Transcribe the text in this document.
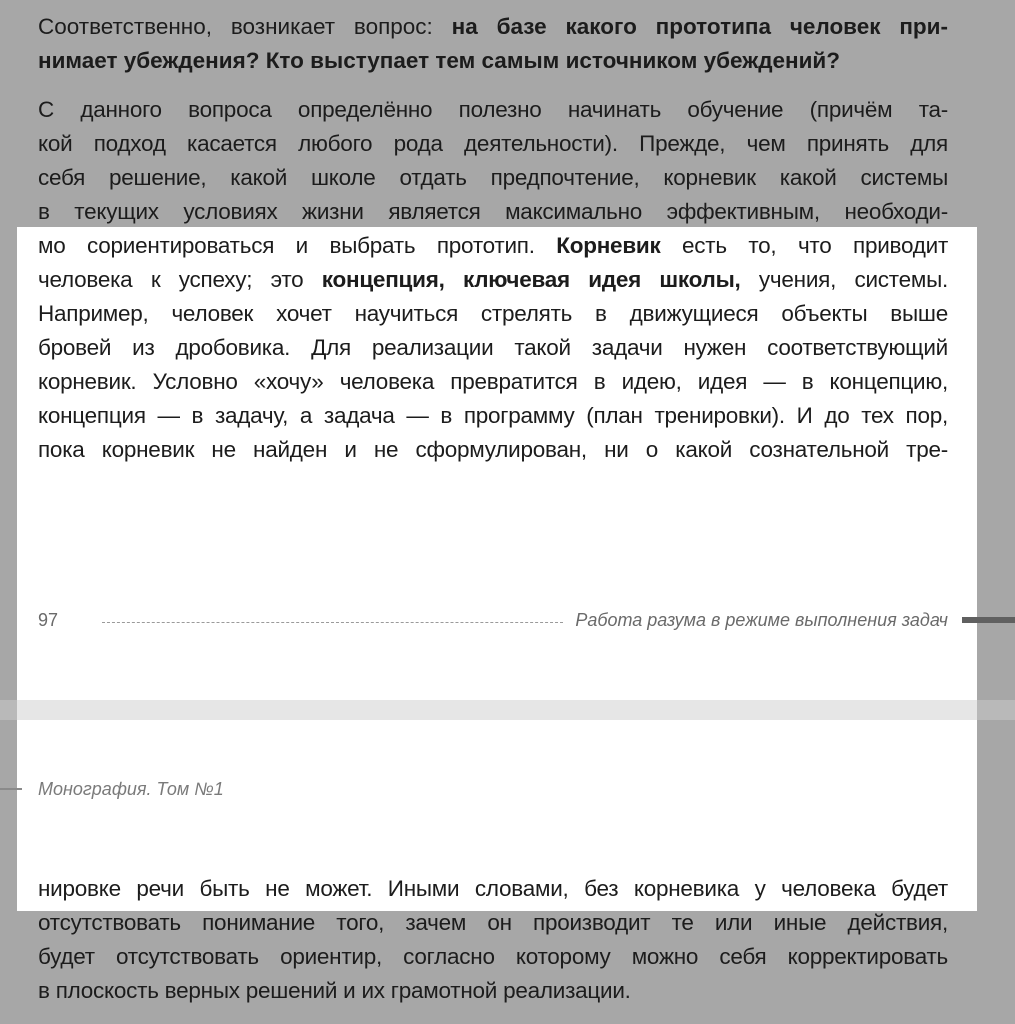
Соответственно, возникает вопрос: на базе какого прототипа человек при-
нимает убеждения? Кто выступает тем самым источником убеждений?
С данного вопроса определённо полезно начинать обучение (причём та-
кой подход касается любого рода деятельности). Прежде, чем принять для
себя решение, какой школе отдать предпочтение, корневик какой системы
в текущих условиях жизни является максимально эффективным, необходи-
мо сориентироваться и выбрать прототип. Корневик есть то, что приводит
человека к успеху; это концепция, ключевая идея школы, учения, системы.
Например, человек хочет научиться стрелять в движущиеся объекты выше
бровей из дробовика. Для реализации такой задачи нужен соответствующий
корневик. Условно «хочу» человека превратится в идею, идея — в концепцию,
концепция — в задачу, а задача — в программу (план тренировки). И до тех пор,
пока корневик не найден и не сформулирован, ни о какой сознательной тре-
97	Работа разума в режиме выполнения задач
Монография. Том №1
нировке речи быть не может. Иными словами, без корневика у человека будет
отсутствовать понимание того, зачем он производит те или иные действия,
будет отсутствовать ориентир, согласно которому можно себя корректировать
в плоскость верных решений и их грамотной реализации.
